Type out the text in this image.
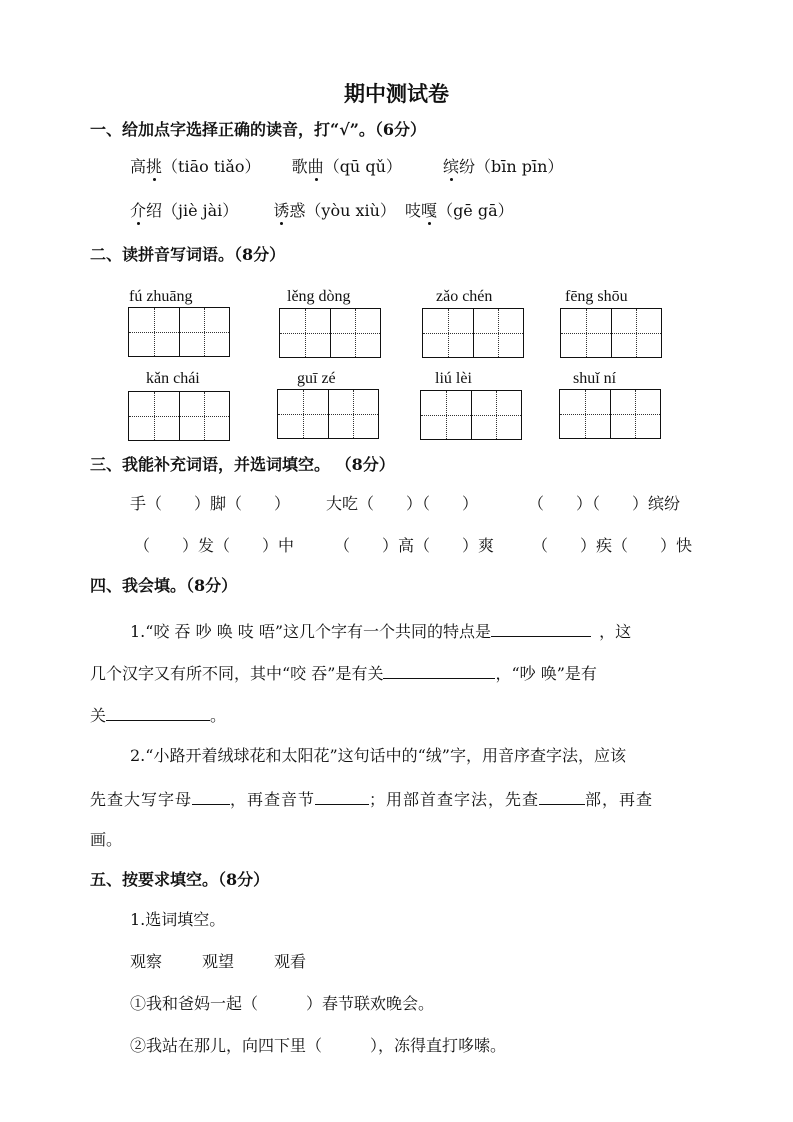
期中测试卷
一、给加点字选择正确的读音，打“√”。（6分）
高挑（tiāo tiǎo） 歌曲（qū qǔ）	缤纷（bīn pīn）
介绍（jiè jài） 诱惑（yòu xiù） 吱嘎（gē gā）
二、读拼音写词语。（8分）
fú zhuāng	lěng dòng	zǎo chén	fēng shōu
kǎn chái	guī zé	liú lèi	shuǐ ní
三、我能补充词语，并选词填空。 （8分）
手（　　）脚（　　） 大吃（　　）（　　）	（　　）（　　）缤纷
（　　）发（　　）中 （　　）高（　　）爽 （　　）疾（　　）快
四、我会填。（8分）
1.“咬 吞 吵 唤 吱 唔”这几个字有一个共同的特点是	，这
几个汉字又有所不同，其中“咬 吞”是有关	，“吵 唤”是有
关	。
2.“小路开着绒球花和太阳花”这句话中的“绒”字，用音序查字法，应该
先查大写字母 ，再查音节	；用部首查字法，先查	部，再查
画。
五、按要求填空。（8分）
1.选词填空。
观察	观望	观看
①我和爸妈一起（　　　）春节联欢晚会。
②我站在那儿，向四下里（　　　），冻得直打哆嗦。
